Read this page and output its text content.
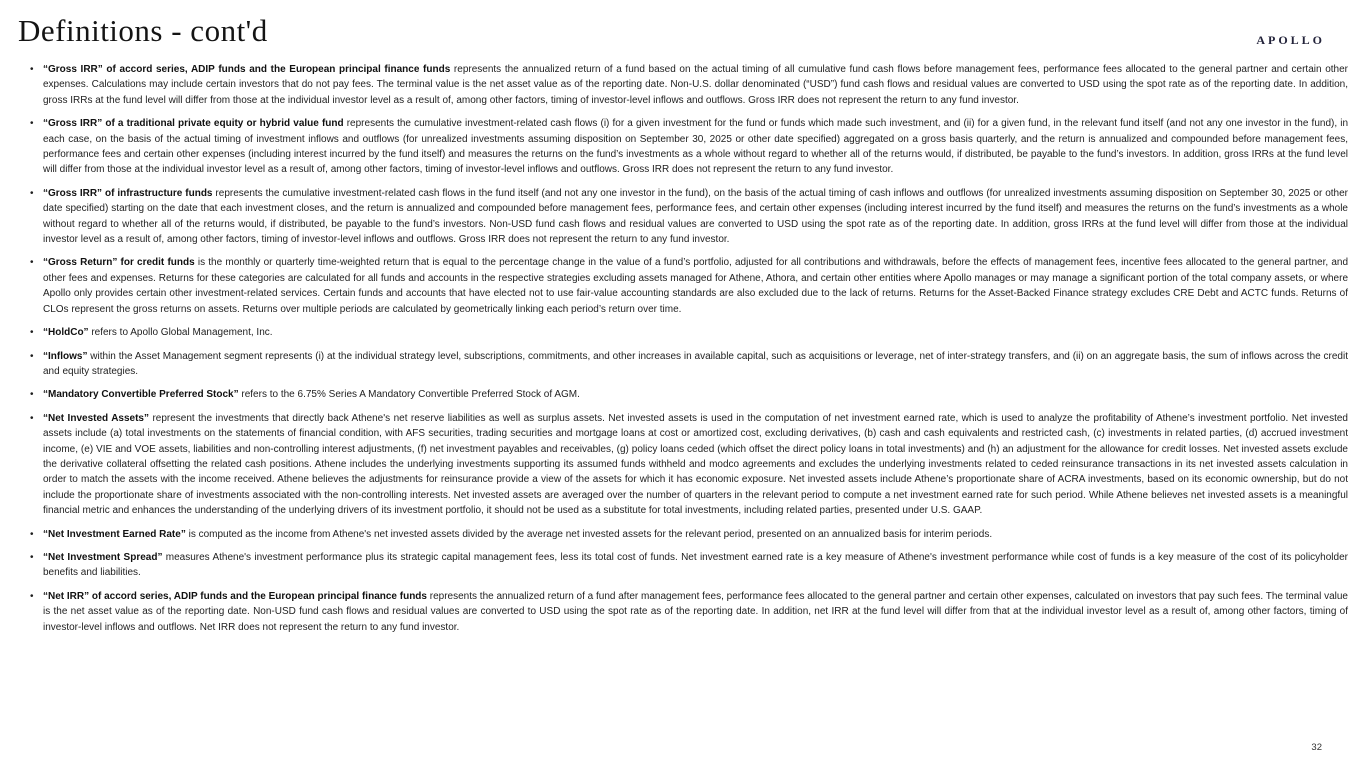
Definitions - cont'd	APOLLO
• “Gross IRR” of accord series, ADIP funds and the European principal finance funds represents the annualized return of a fund based on the actual timing of all cumulative fund cash flows before management fees, performance fees allocated to the general partner and certain other expenses. Calculations may include certain investors that do not pay fees. The terminal value is the net asset value as of the reporting date. Non-U.S. dollar denominated (“USD”) fund cash flows and residual values are converted to USD using the spot rate as of the reporting date. In addition, gross IRRs at the fund level will differ from those at the individual investor level as a result of, among other factors, timing of investor-level inflows and outflows. Gross IRR does not represent the return to any fund investor.

• “Gross IRR” of a traditional private equity or hybrid value fund represents the cumulative investment-related cash flows (i) for a given investment for the fund or funds which made such investment, and (ii) for a given fund, in the relevant fund itself (and not any one investor in the fund), in each case, on the basis of the actual timing of investment inflows and outflows (for unrealized investments assuming disposition on September 30, 2025 or other date specified) aggregated on a gross basis quarterly, and the return is annualized and compounded before management fees, performance fees and certain other expenses (including interest incurred by the fund itself) and measures the returns on the fund’s investments as a whole without regard to whether all of the returns would, if distributed, be payable to the fund’s investors. In addition, gross IRRs at the fund level will differ from those at the individual investor level as a result of, among other factors, timing of investor-level inflows and outflows. Gross IRR does not represent the return to any fund investor.

• “Gross IRR” of infrastructure funds represents the cumulative investment-related cash flows in the fund itself (and not any one investor in the fund), on the basis of the actual timing of cash inflows and outflows (for unrealized investments assuming disposition on September 30, 2025 or other date specified) starting on the date that each investment closes, and the return is annualized and compounded before management fees, performance fees, and certain other expenses (including interest incurred by the fund itself) and measures the returns on the fund’s investments as a whole without regard to whether all of the returns would, if distributed, be payable to the fund’s investors. Non-USD fund cash flows and residual values are converted to USD using the spot rate as of the reporting date. In addition, gross IRRs at the fund level will differ from those at the individual investor level as a result of, among other factors, timing of investor-level inflows and outflows. Gross IRR does not represent the return to any fund investor.

• “Gross Return” for credit funds is the monthly or quarterly time-weighted return that is equal to the percentage change in the value of a fund’s portfolio, adjusted for all contributions and withdrawals, before the effects of management fees, incentive fees allocated to the general partner, and other fees and expenses. Returns for these categories are calculated for all funds and accounts in the respective strategies excluding assets managed for Athene, Athora, and certain other entities where Apollo manages or may manage a significant portion of the total company assets, or where Apollo only provides certain other investment-related services. Certain funds and accounts that have elected not to use fair-value accounting standards are also excluded due to the lack of returns. Returns for the Asset-Backed Finance strategy excludes CRE Debt and ACTC funds. Returns of CLOs represent the gross returns on assets. Returns over multiple periods are calculated by geometrically linking each period’s return over time.

• “HoldCo” refers to Apollo Global Management, Inc.

• “Inflows” within the Asset Management segment represents (i) at the individual strategy level, subscriptions, commitments, and other increases in available capital, such as acquisitions or leverage, net of inter-strategy transfers, and (ii) on an aggregate basis, the sum of inflows across the credit and equity strategies.

• “Mandatory Convertible Preferred Stock” refers to the 6.75% Series A Mandatory Convertible Preferred Stock of AGM.

• “Net Invested Assets” represent the investments that directly back Athene's net reserve liabilities as well as surplus assets. Net invested assets is used in the computation of net investment earned rate, which is used to analyze the profitability of Athene’s investment portfolio. Net invested assets include (a) total investments on the statements of financial condition, with AFS securities, trading securities and mortgage loans at cost or amortized cost, excluding derivatives, (b) cash and cash equivalents and restricted cash, (c) investments in related parties, (d) accrued investment income, (e) VIE and VOE assets, liabilities and non-controlling interest adjustments, (f) net investment payables and receivables, (g) policy loans ceded (which offset the direct policy loans in total investments) and (h) an adjustment for the allowance for credit losses. Net invested assets exclude the derivative collateral offsetting the related cash positions. Athene includes the underlying investments supporting its assumed funds withheld and modco agreements and excludes the underlying investments related to ceded reinsurance transactions in its net invested assets calculation in order to match the assets with the income received. Athene believes the adjustments for reinsurance provide a view of the assets for which it has economic exposure. Net invested assets include Athene’s proportionate share of ACRA investments, based on its economic ownership, but do not include the proportionate share of investments associated with the non-controlling interests. Net invested assets are averaged over the number of quarters in the relevant period to compute a net investment earned rate for such period. While Athene believes net invested assets is a meaningful financial metric and enhances the understanding of the underlying drivers of its investment portfolio, it should not be used as a substitute for total investments, including related parties, presented under U.S. GAAP.

• “Net Investment Earned Rate” is computed as the income from Athene's net invested assets divided by the average net invested assets for the relevant period, presented on an annualized basis for interim periods.

• “Net Investment Spread” measures Athene's investment performance plus its strategic capital management fees, less its total cost of funds. Net investment earned rate is a key measure of Athene's investment performance while cost of funds is a key measure of the cost of its policyholder benefits and liabilities.

• “Net IRR” of accord series, ADIP funds and the European principal finance funds represents the annualized return of a fund after management fees, performance fees allocated to the general partner and certain other expenses, calculated on investors that pay such fees. The terminal value is the net asset value as of the reporting date. Non-USD fund cash flows and residual values are converted to USD using the spot rate as of the reporting date. In addition, net IRR at the fund level will differ from that at the individual investor level as a result of, among other factors, timing of investor-level inflows and outflows. Net IRR does not represent the return to any fund investor.

32
